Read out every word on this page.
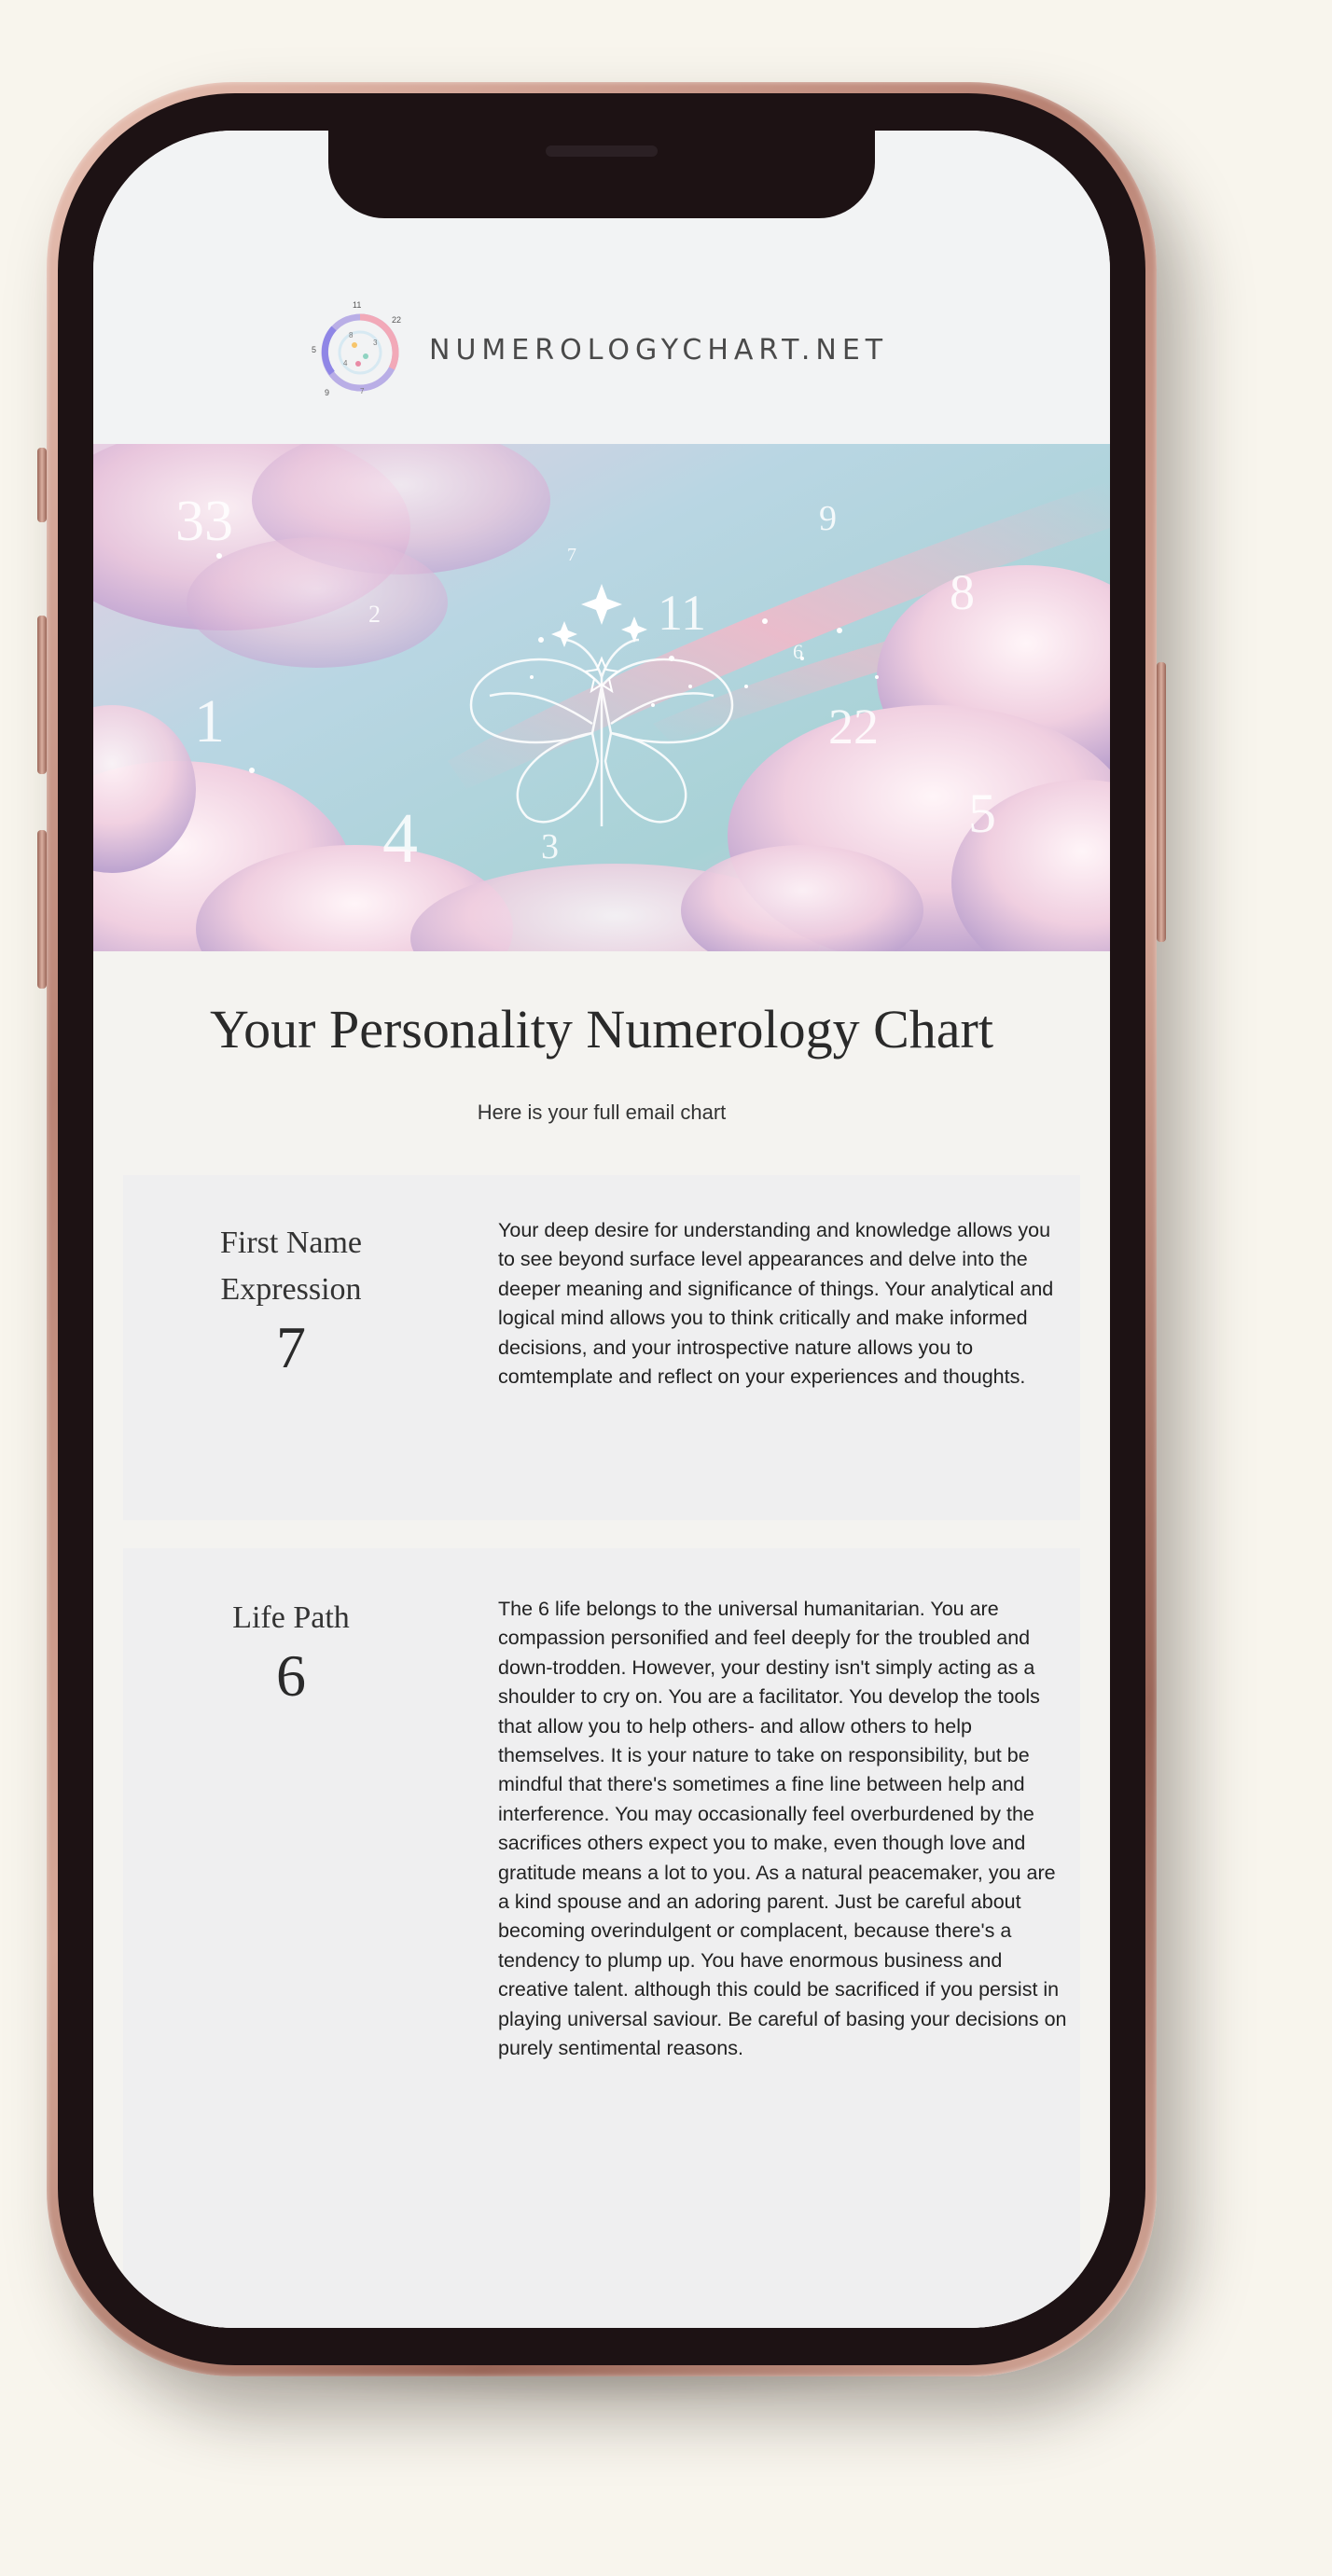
11
22
5
9	7
8
3
4	NUMEROLOGYCHART.NET
33	9
7
2	11	8
6
1	22
4	3
5
Your Personality Numerology Chart
Here is your full email chart
First Name
Expression
7
Your deep desire for understanding and knowledge allows you to see beyond surface level appearances and delve into the deeper meaning and significance of things. Your analytical and logical mind allows you to think critically and make informed decisions, and your introspective nature allows you to comtemplate and reflect on your experiences and thoughts.
Life Path
6
The 6 life belongs to the universal humanitarian. You are compassion personified and feel deeply for the troubled and down-trodden. However, your destiny isn't simply acting as a shoulder to cry on. You are a facilitator. You develop the tools that allow you to help others- and allow others to help themselves. It is your nature to take on responsibility, but be mindful that there's sometimes a fine line between help and interference. You may occasionally feel overburdened by the sacrifices others expect you to make, even though love and gratitude means a lot to you. As a natural peacemaker, you are a kind spouse and an adoring parent. Just be careful about becoming overindulgent or complacent, because there's a tendency to plump up. You have enormous business and creative talent. although this could be sacrificed if you persist in playing universal saviour. Be careful of basing your decisions on purely sentimental reasons.
